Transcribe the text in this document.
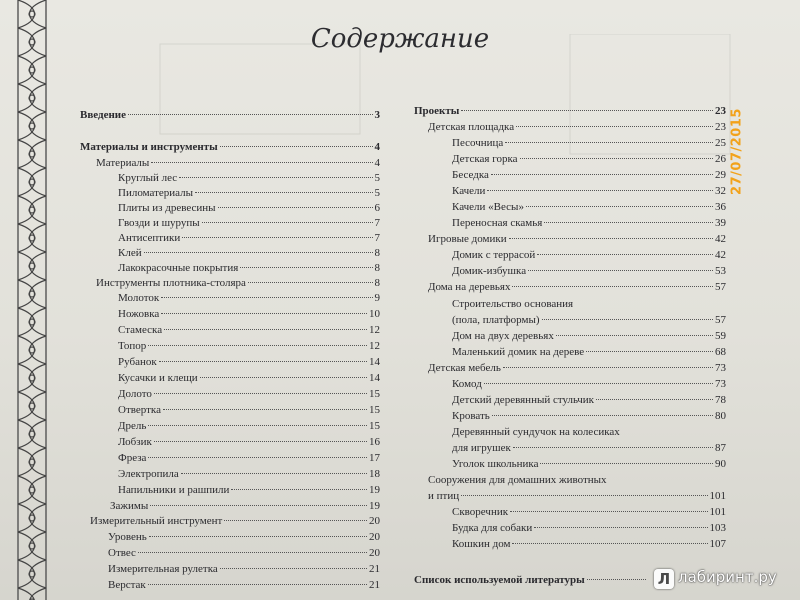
Содержание
Введение	3
Материалы и инструменты	4
Материалы	4
Круглый лес	5
Пиломатериалы	5
Плиты из древесины	6
Гвозди и шурупы	7
Антисептики	7
Клей	8
Лакокрасочные покрытия	8
Инструменты плотника-столяра	8
Молоток	9
Ножовка	10
Стамеска	12
Топор	12
Рубанок	14
Кусачки и клещи	14
Долото	15
Отвертка	15
Дрель	15
Лобзик	16
Фреза	17
Электропила	18
Напильники и рашпили	19
Зажимы	19
Измерительный инструмент	20
Уровень	20
Отвес	20
Измерительная рулетка	21
Верстак	21
Проекты	23
Детская площадка	23
Песочница	25
Детская горка	26
Беседка	29
Качели	32
Качели «Весы»	36
Переносная скамья	39
Игровые домики	42
Домик с террасой	42
Домик-избушка	53
Дома на деревьях	57
Строительство основания
(пола, платформы)	57
Дом на двух деревьях	59
Маленький домик на дереве	68
Детская мебель	73
Комод	73
Детский деревянный стульчик	78
Кровать	80
Деревянный сундучок на колесиках
для игрушек	87
Уголок школьника	90
Сооружения для домашних животных
и птиц	101
Скворечник	101
Будка для собаки	103
Кошкин дом	107
Список используемой литературы
27/07/2015
Л лабиринт.ру
